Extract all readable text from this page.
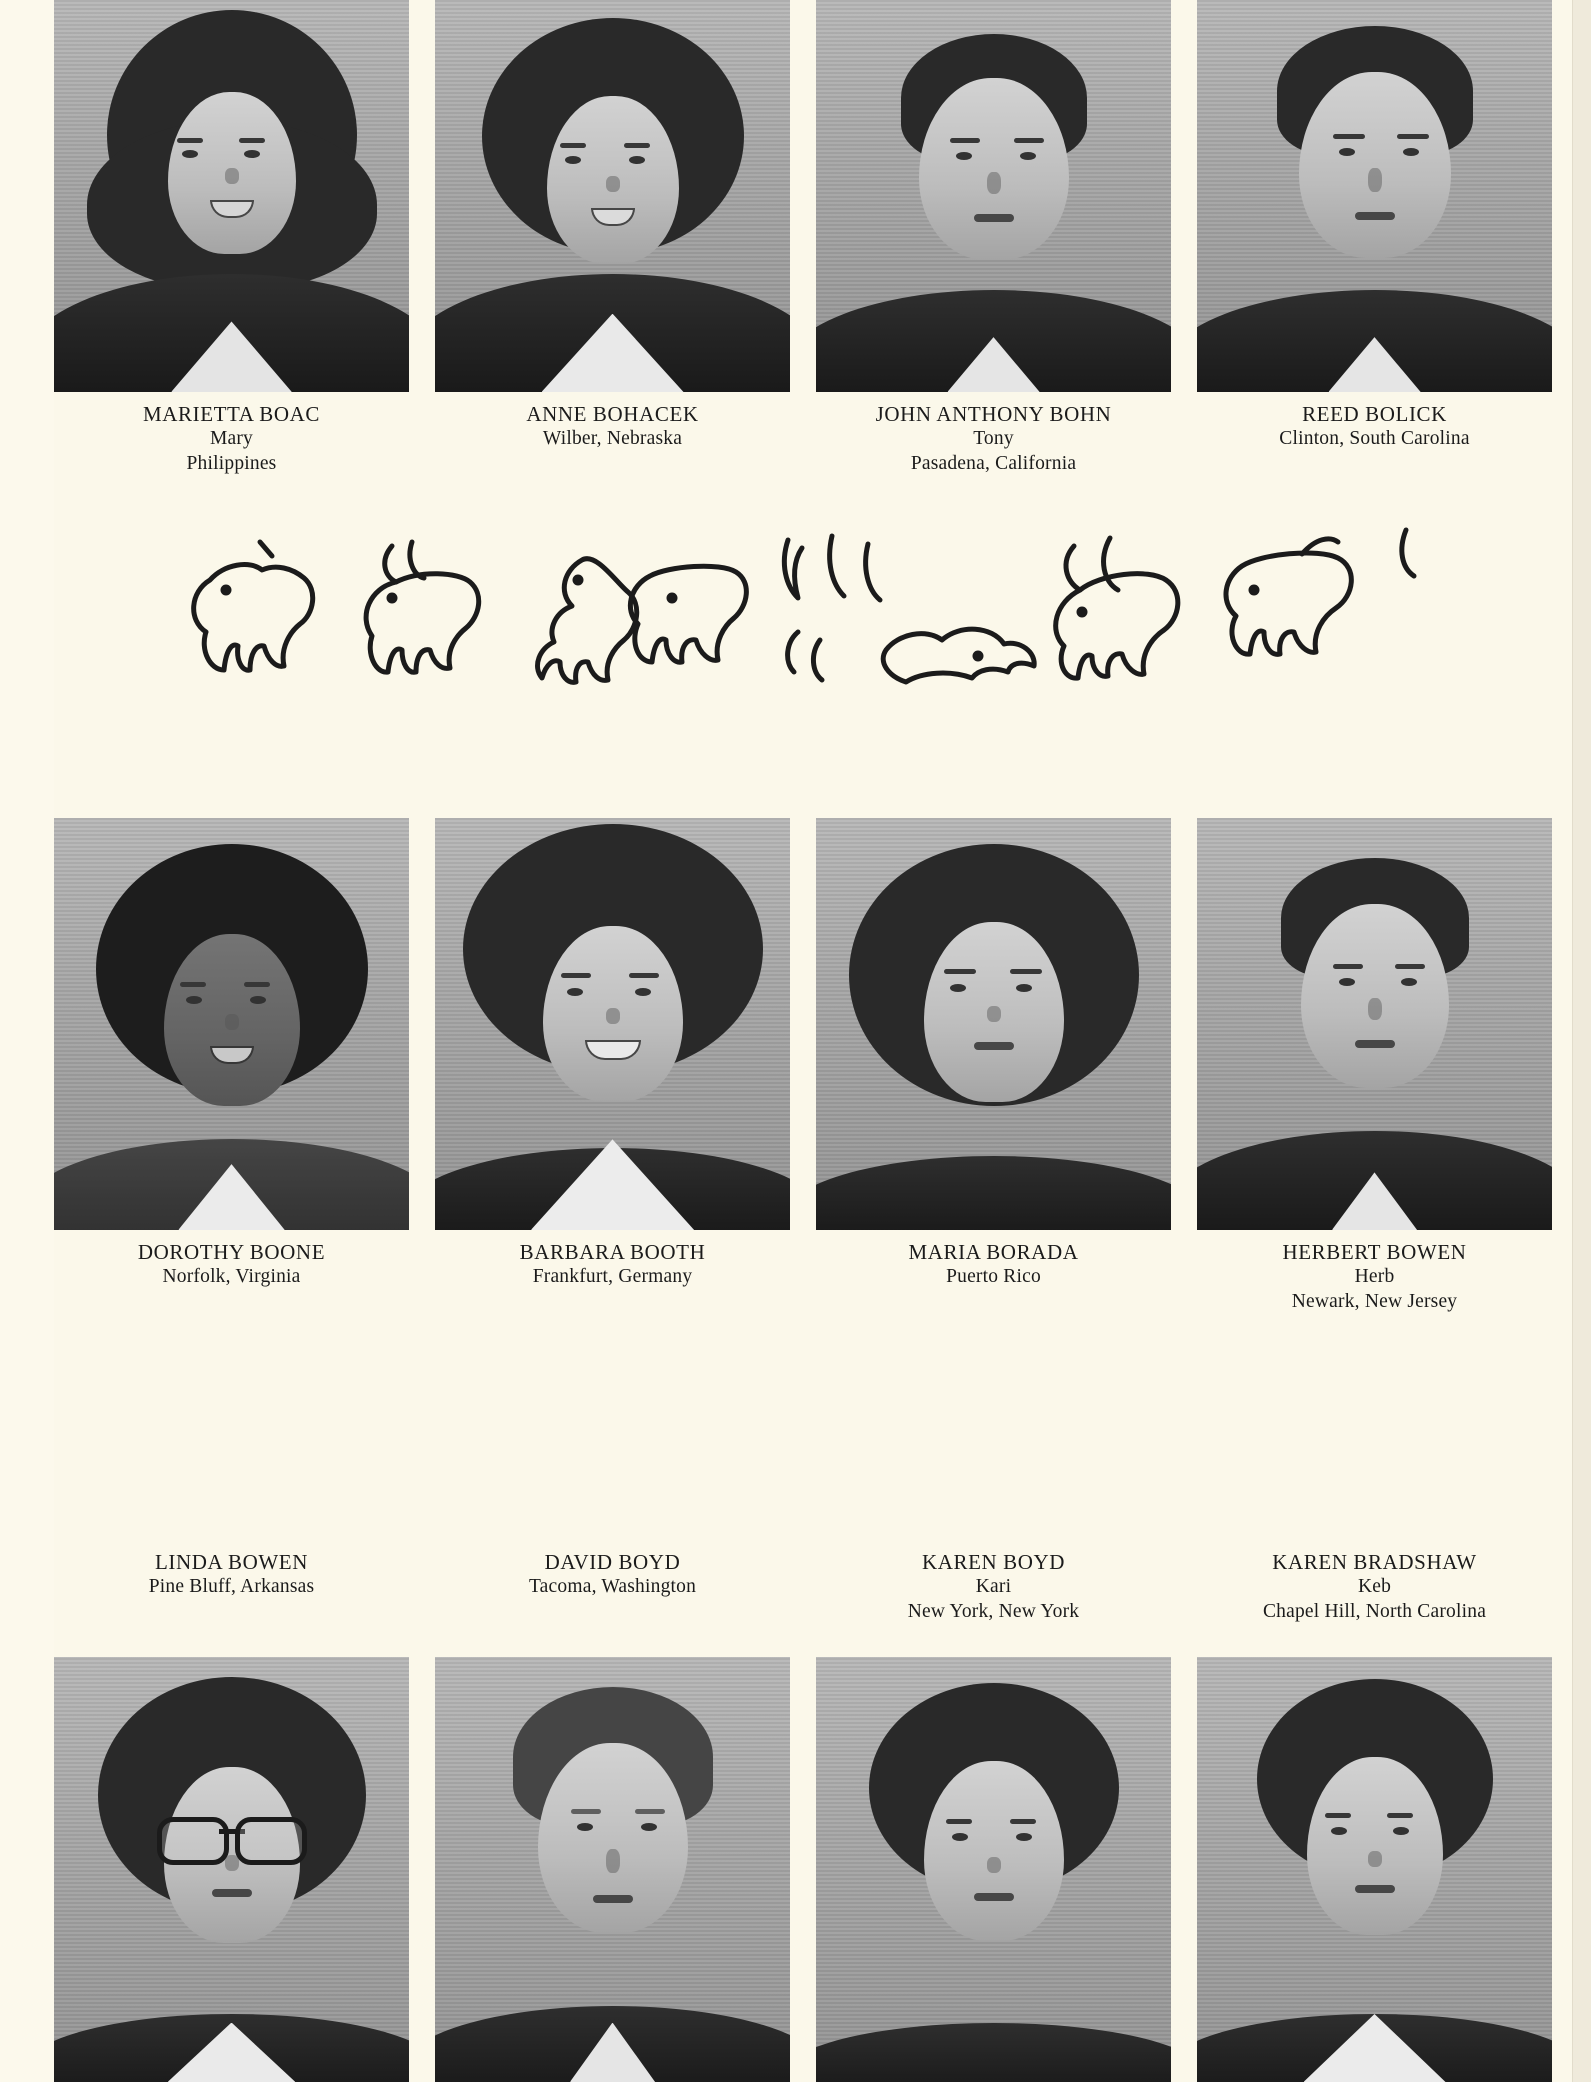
MARIETTA BOAC
Mary
Philippines
ANNE BOHACEK
Wilber, Nebraska
JOHN ANTHONY BOHN
Tony
Pasadena, California
REED BOLICK
Clinton, South Carolina
DOROTHY BOONE
Norfolk, Virginia
BARBARA BOOTH
Frankfurt, Germany
MARIA BORADA
Puerto Rico
HERBERT BOWEN
Herb
Newark, New Jersey
LINDA BOWEN
Pine Bluff, Arkansas
DAVID BOYD
Tacoma, Washington
KAREN BOYD
Kari
New York, New York
KAREN BRADSHAW
Keb
Chapel Hill, North Carolina
